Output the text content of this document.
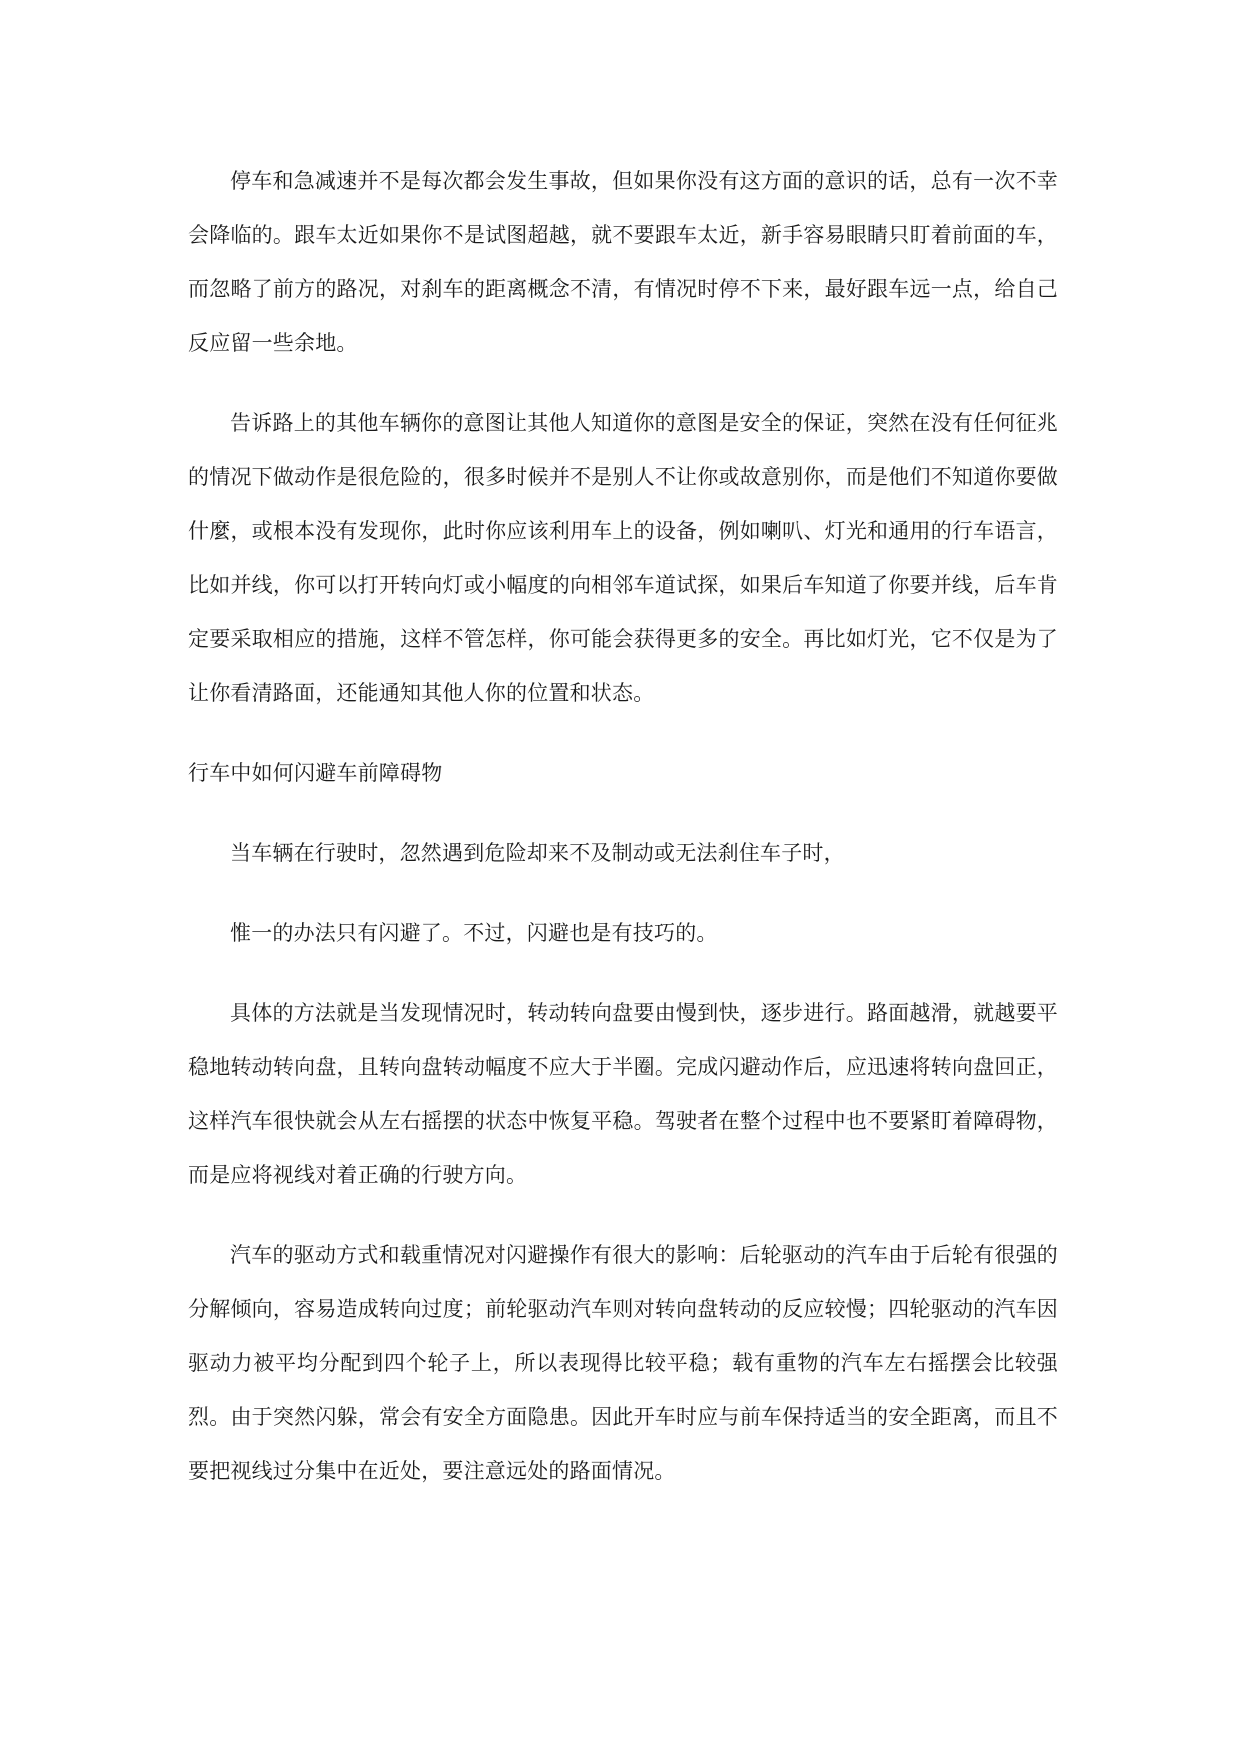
停车和急减速并不是每次都会发生事故，但如果你没有这方面的意识的话，总有一次不幸会降临的。跟车太近如果你不是试图超越，就不要跟车太近，新手容易眼睛只盯着前面的车，而忽略了前方的路况，对刹车的距离概念不清，有情况时停不下来，最好跟车远一点，给自己反应留一些余地。

告诉路上的其他车辆你的意图让其他人知道你的意图是安全的保证，突然在没有任何征兆的情况下做动作是很危险的，很多时候并不是别人不让你或故意别你，而是他们不知道你要做什麼，或根本没有发现你，此时你应该利用车上的设备，例如喇叭、灯光和通用的行车语言，比如并线，你可以打开转向灯或小幅度的向相邻车道试探，如果后车知道了你要并线，后车肯定要采取相应的措施，这样不管怎样，你可能会获得更多的安全。再比如灯光，它不仅是为了让你看清路面，还能通知其他人你的位置和状态。

行车中如何闪避车前障碍物

当车辆在行驶时，忽然遇到危险却来不及制动或无法刹住车子时，

惟一的办法只有闪避了。不过，闪避也是有技巧的。

具体的方法就是当发现情况时，转动转向盘要由慢到快，逐步进行。路面越滑，就越要平稳地转动转向盘，且转向盘转动幅度不应大于半圈。完成闪避动作后，应迅速将转向盘回正，这样汽车很快就会从左右摇摆的状态中恢复平稳。驾驶者在整个过程中也不要紧盯着障碍物，而是应将视线对着正确的行驶方向。

汽车的驱动方式和载重情况对闪避操作有很大的影响：后轮驱动的汽车由于后轮有很强的分解倾向，容易造成转向过度；前轮驱动汽车则对转向盘转动的反应较慢；四轮驱动的汽车因驱动力被平均分配到四个轮子上，所以表现得比较平稳；载有重物的汽车左右摇摆会比较强烈。由于突然闪躲，常会有安全方面隐患。因此开车时应与前车保持适当的安全距离，而且不要把视线过分集中在近处，要注意远处的路面情况。
